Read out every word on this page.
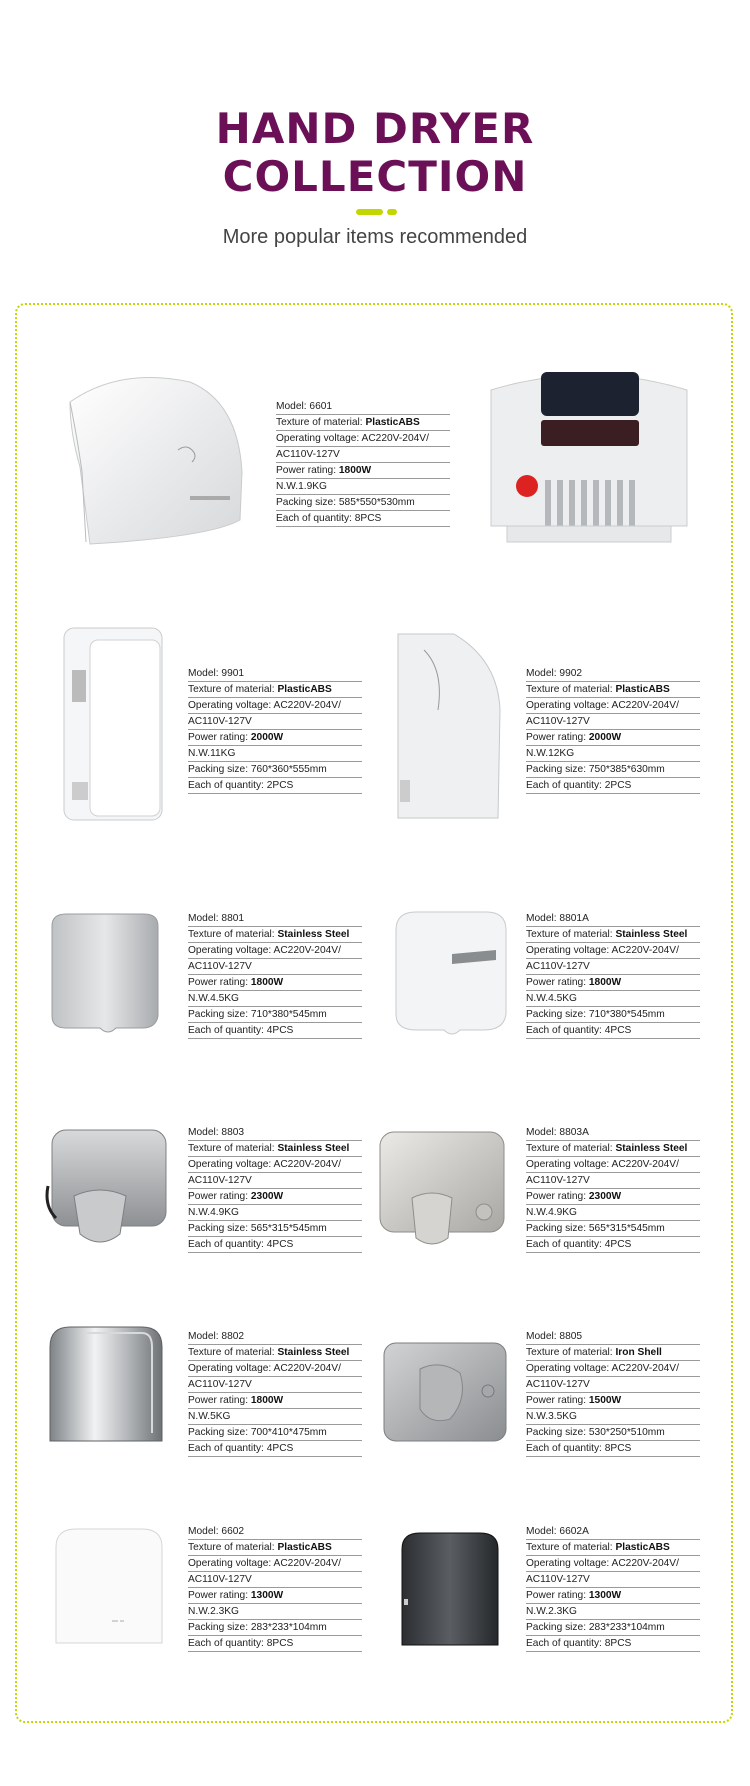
HAND DRYER
COLLECTION
More popular items recommended
Model: 6601
Texture of material: PlasticABS
Operating voltage: AC220V-204V/
AC110V-127V
Power rating: 1800W
N.W.1.9KG
Packing size: 585*550*530mm
Each of quantity: 8PCS
Model: 9901
Texture of material: PlasticABS
Operating voltage: AC220V-204V/
AC110V-127V
Power rating: 2000W
N.W.11KG
Packing size: 760*360*555mm
Each of quantity: 2PCS
Model: 9902
Texture of material: PlasticABS
Operating voltage: AC220V-204V/
AC110V-127V
Power rating: 2000W
N.W.12KG
Packing size: 750*385*630mm
Each of quantity: 2PCS
Model: 8801
Texture of material: Stainless Steel
Operating voltage: AC220V-204V/
AC110V-127V
Power rating: 1800W
N.W.4.5KG
Packing size: 710*380*545mm
Each of quantity: 4PCS
Model: 8801A
Texture of material: Stainless Steel
Operating voltage: AC220V-204V/
AC110V-127V
Power rating: 1800W
N.W.4.5KG
Packing size: 710*380*545mm
Each of quantity: 4PCS
Model: 8803
Texture of material: Stainless Steel
Operating voltage: AC220V-204V/
AC110V-127V
Power rating: 2300W
N.W.4.9KG
Packing size: 565*315*545mm
Each of quantity: 4PCS
Model: 8803A
Texture of material: Stainless Steel
Operating voltage: AC220V-204V/
AC110V-127V
Power rating: 2300W
N.W.4.9KG
Packing size: 565*315*545mm
Each of quantity: 4PCS
Model: 8802
Texture of material: Stainless Steel
Operating voltage: AC220V-204V/
AC110V-127V
Power rating: 1800W
N.W.5KG
Packing size: 700*410*475mm
Each of quantity: 4PCS
Model: 8805
Texture of material: Iron Shell
Operating voltage: AC220V-204V/
AC110V-127V
Power rating: 1500W
N.W.3.5KG
Packing size: 530*250*510mm
Each of quantity: 8PCS
Model: 6602
Texture of material: PlasticABS
Operating voltage: AC220V-204V/
AC110V-127V
Power rating: 1300W
N.W.2.3KG
Packing size: 283*233*104mm
Each of quantity: 8PCS
Model: 6602A
Texture of material: PlasticABS
Operating voltage: AC220V-204V/
AC110V-127V
Power rating: 1300W
N.W.2.3KG
Packing size: 283*233*104mm
Each of quantity: 8PCS
